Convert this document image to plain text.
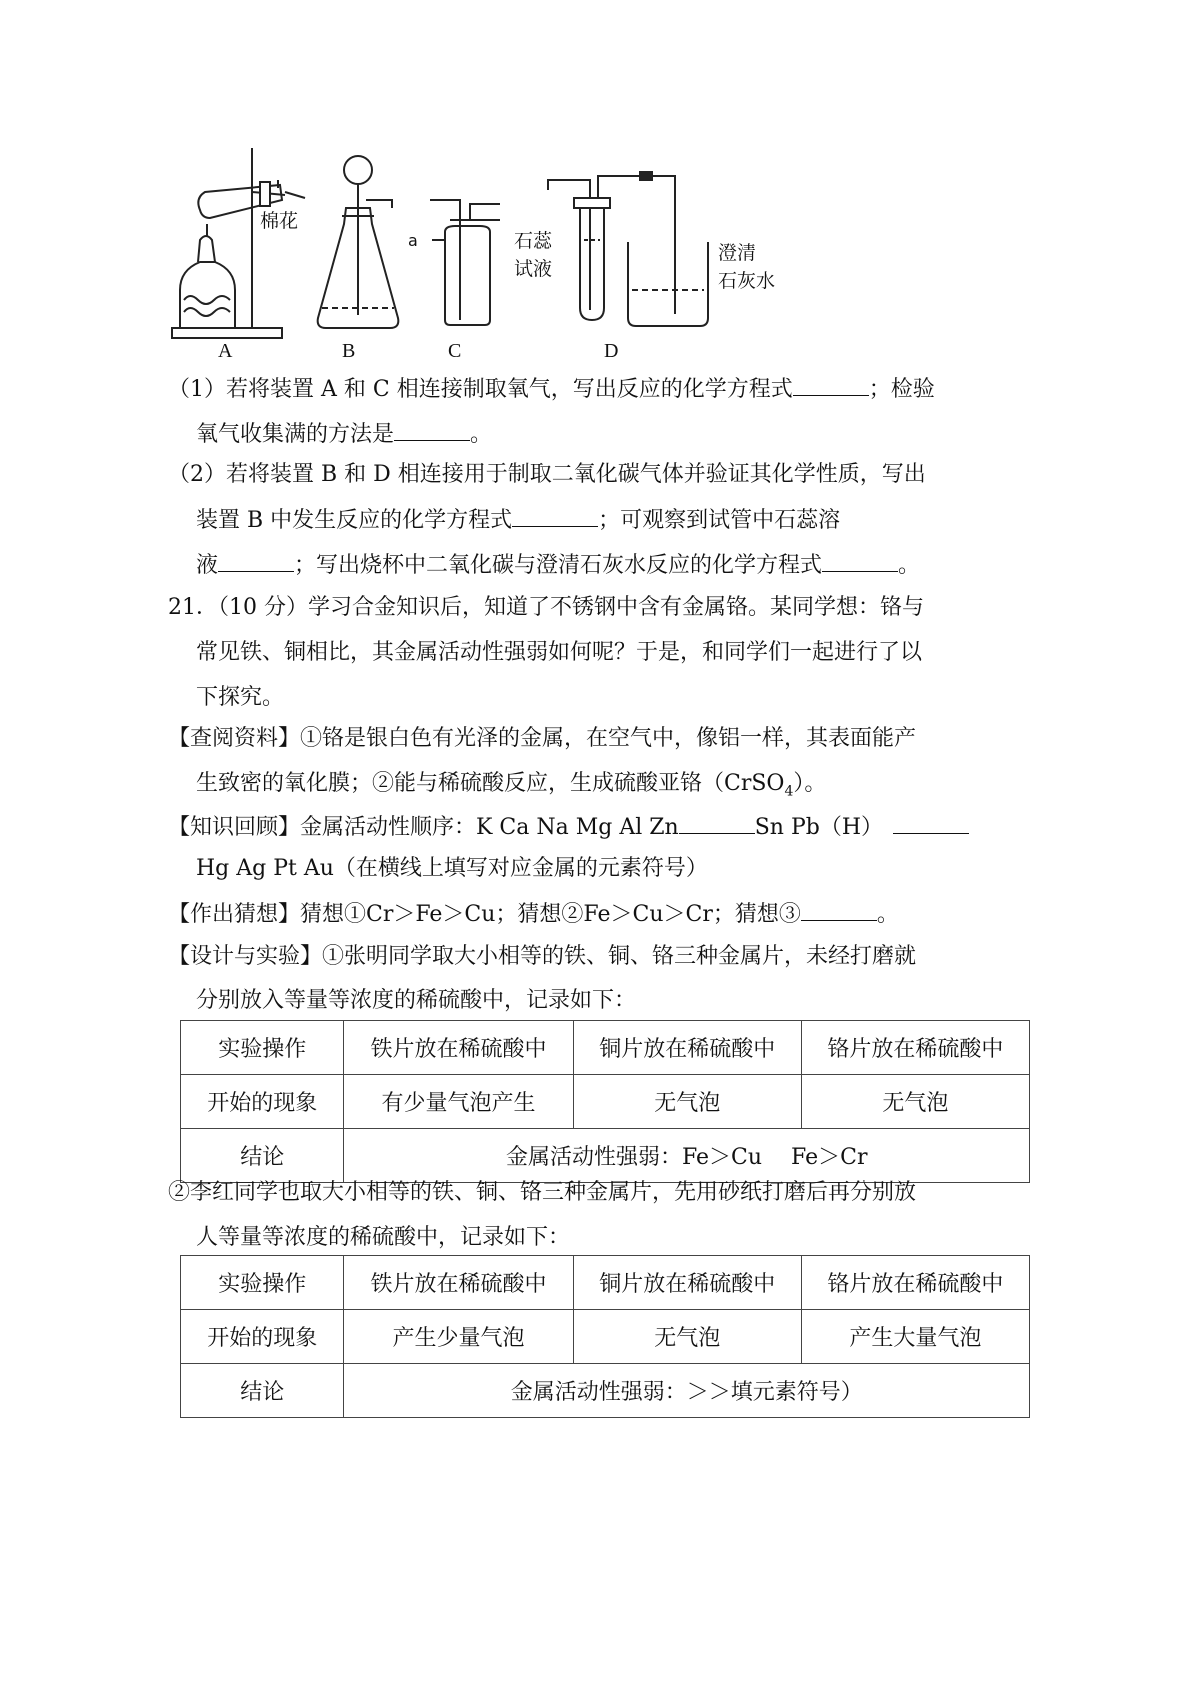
棉花
a	石蕊
试液
澄清
石灰水
A	B	C	D
（1）若将装置 A 和 C 相连接制取氧气，写出反应的化学方程式	；检验
氧气收集满的方法是	。
（2）若将装置 B 和 D 相连接用于制取二氧化碳气体并验证其化学性质，写出
装置 B 中发生反应的化学方程式	；可观察到试管中石蕊溶
液	；写出烧杯中二氧化碳与澄清石灰水反应的化学方程式	。
21．（10 分）学习合金知识后，知道了不锈钢中含有金属铬。某同学想：铬与
常见铁、铜相比，其金属活动性强弱如何呢？于是，和同学们一起进行了以
下探究。
【查阅资料】①铬是银白色有光泽的金属，在空气中，像铝一样，其表面能产
生致密的氧化膜；②能与稀硫酸反应，生成硫酸亚铬（CrSO$_4$）。
【知识回顾】金属活动性顺序：K Ca Na Mg Al Zn	Sn Pb（H）
Hg Ag Pt Au（在横线上填写对应金属的元素符号）
【作出猜想】猜想①Cr＞Fe＞Cu；猜想②Fe＞Cu＞Cr；猜想③	。
【设计与实验】①张明同学取大小相等的铁、铜、铬三种金属片，未经打磨就
分别放入等量等浓度的稀硫酸中，记录如下：
实验操作	铁片放在稀硫酸中	铜片放在稀硫酸中	铬片放在稀硫酸中
开始的现象	有少量气泡产生	无气泡	无气泡
结论	金属活动性强弱：Fe＞Cu　 Fe＞Cr		
②李红同学也取大小相等的铁、铜、铬三种金属片，先用砂纸打磨后再分别放
人等量等浓度的稀硫酸中，记录如下：
实验操作	铁片放在稀硫酸中	铜片放在稀硫酸中	铬片放在稀硫酸中
开始的现象	产生少量气泡	无气泡	产生大量气泡
结论	金属活动性强弱：＞＞填元素符号）		
